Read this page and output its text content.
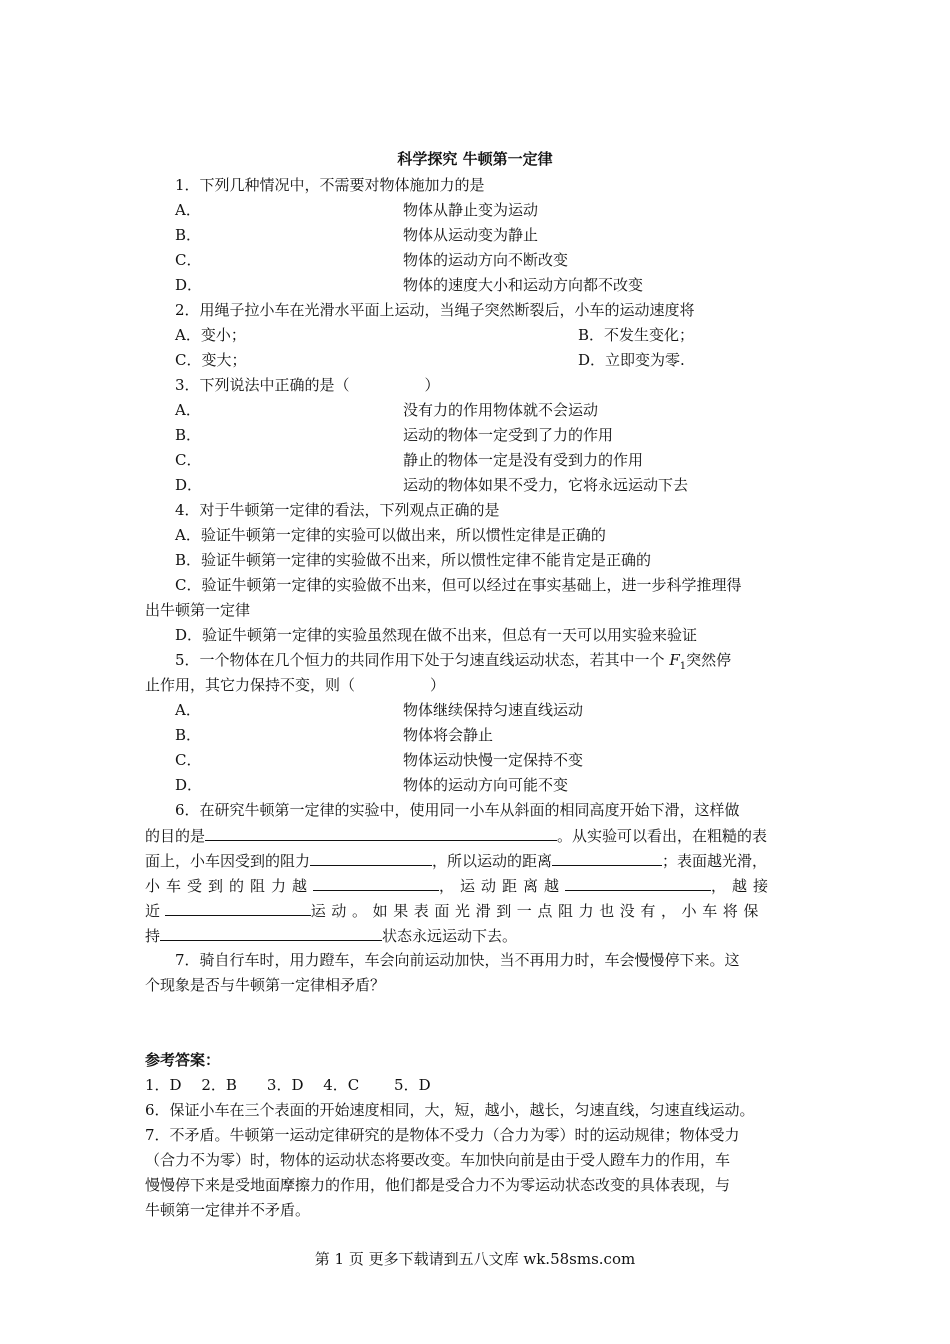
科学探究 牛顿第一定律
1．下列几种情况中，不需要对物体施加力的是
A．	物体从静止变为运动
B．	物体从运动变为静止
C．	物体的运动方向不断改变
D．	物体的速度大小和运动方向都不改变
2．用绳子拉小车在光滑水平面上运动，当绳子突然断裂后，小车的运动速度将
A．变小；	B．不发生变化；
C．变大；	D．立即变为零.
3．下列说法中正确的是（　　　　　）
A．	没有力的作用物体就不会运动
B．	运动的物体一定受到了力的作用
C．	静止的物体一定是没有受到力的作用
D．	运动的物体如果不受力，它将永远运动下去
4．对于牛顿第一定律的看法，下列观点正确的是
A．验证牛顿第一定律的实验可以做出来，所以惯性定律是正确的
B．验证牛顿第一定律的实验做不出来，所以惯性定律不能肯定是正确的
C．验证牛顿第一定律的实验做不出来，但可以经过在事实基础上，进一步科学推理得
出牛顿第一定律
D．验证牛顿第一定律的实验虽然现在做不出来，但总有一天可以用实验来验证
5．一个物体在几个恒力的共同作用下处于匀速直线运动状态，若其中一个 $F_1$突然停
止作用，其它力保持不变，则（　　　　　）
A．	物体继续保持匀速直线运动
B．	物体将会静止
C．	物体运动快慢一定保持不变
D．	物体的运动方向可能不变
6．在研究牛顿第一定律的实验中，使用同一小车从斜面的相同高度开始下滑，这样做
的目的是	。从实验可以看出，在粗糙的表
面上，小车因受到的阻力	，所以运动的距离	；表面越光滑，
小车受到的阻力越	，运动距离越	，越接
近	运动。如果表面光滑到一点阻力也没有，小车将保
持	状态永远运动下去。
7．骑自行车时，用力蹬车，车会向前运动加快，当不再用力时，车会慢慢停下来。这
个现象是否与牛顿第一定律相矛盾？
参考答案：
1．D　 2．B　　3．D　 4．C　　 5．D
6．保证小车在三个表面的开始速度相同，大，短，越小，越长，匀速直线，匀速直线运动。
7．不矛盾。牛顿第一运动定律研究的是物体不受力（合力为零）时的运动规律；物体受力
（合力不为零）时，物体的运动状态将要改变。车加快向前是由于受人蹬车力的作用，车
慢慢停下来是受地面摩擦力的作用，他们都是受合力不为零运动状态改变的具体表现，与
牛顿第一定律并不矛盾。
第 1 页 更多下载请到五八文库 wk.58sms.com
